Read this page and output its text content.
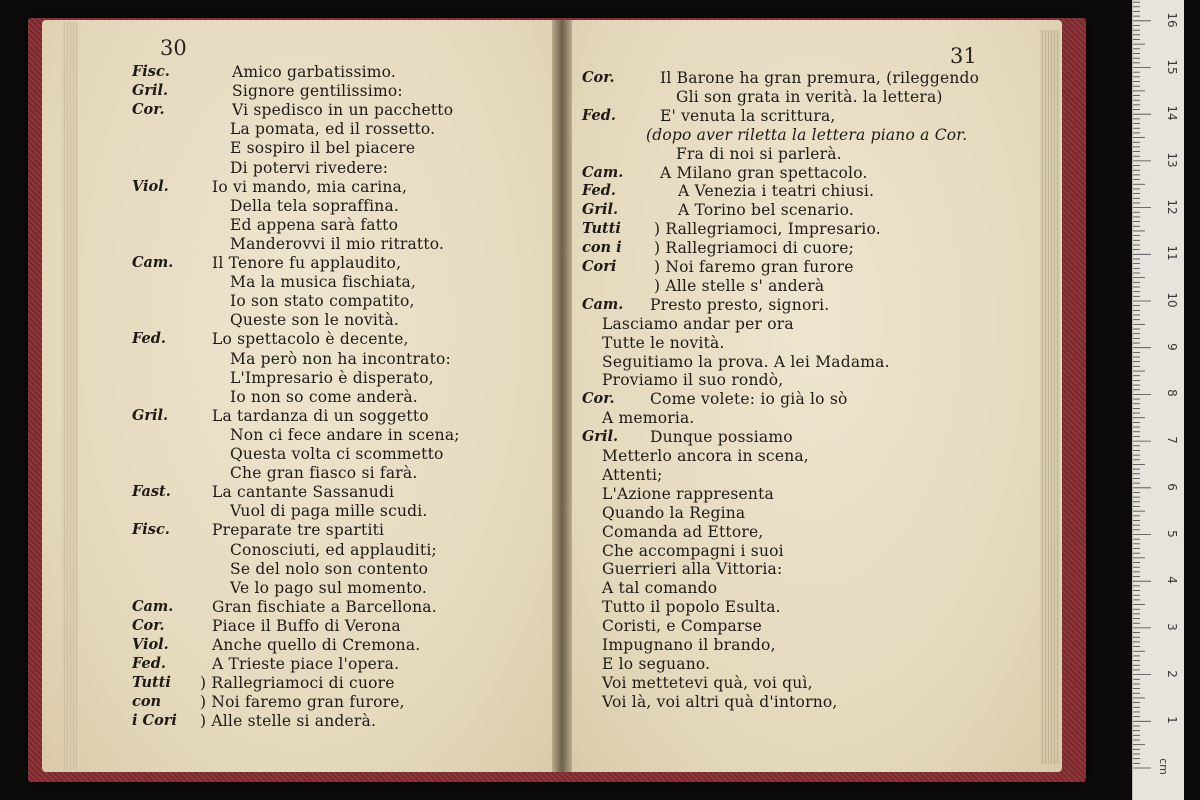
30	31
Fisc.	Amico garbatissimo.
Gril.	Signore gentilissimo:
Cor.	Vi spedisco in un pacchetto
La pomata, ed il rossetto.
E sospiro il bel piacere
Di potervi rivedere:
Viol.	Io vi mando, mia carina,
Della tela sopraffina.
Ed appena sarà fatto
Manderovvi il mio ritratto.
Cam. Il Tenore fu applaudito,
Ma la musica fischiata,
Io son stato compatito,
Queste son le novità.
Fed.	Lo spettacolo è decente,
Ma però non ha incontrato:
L'Impresario è disperato,
Io non so come anderà.
Gril.	La tardanza di un soggetto
Non ci fece andare in scena;
Questa volta ci scommetto
Che gran fiasco si farà.
Fast.	La cantante Sassanudi
Vuol di paga mille scudi.
Fisc.	Preparate tre spartiti
Conosciuti, ed applauditi;
Se del nolo son contento
Ve lo pago sul momento.
Cam. Gran fischiate a Barcellona.
Cor.	Piace il Buffo di Verona
Viol.	Anche quello di Cremona.
Fed.	A Trieste piace l'opera.
Tutti ) Rallegriamoci di cuore
con	) Noi faremo gran furore,
i Cori ) Alle stelle si anderà.
Cor.	Il Barone ha gran premura, (rileggendo
Gli son grata in verità. la lettera)
Fed.	E' venuta la scrittura,
(dopo aver riletta la lettera piano a Cor.
Fra di noi si parlerà.
Cam. A Milano gran spettacolo.
Fed.	A Venezia i teatri chiusi.
Gril.	A Torino bel scenario.
Tutti ) Rallegriamoci, Impresario.
con i ) Rallegriamoci di cuore;
Cori ) Noi faremo gran furore
) Alle stelle s' anderà
Cam. Presto presto, signori.
Lasciamo andar per ora
Tutte le novità.
Seguitiamo la prova. A lei Madama.
Proviamo il suo rondò,
Cor. Come volete: io già lo sò
A memoria.
Gril. Dunque possiamo
Metterlo ancora in scena,
Attenti;
L'Azione rappresenta
Quando la Regina
Comanda ad Ettore,
Che accompagni i suoi
Guerrieri alla Vittoria:
A tal comando
Tutto il popolo Esulta.
Coristi, e Comparse
Impugnano il brando,
E lo seguano.
Voi mettetevi quà, voi quì,
Voi là, voi altri quà d'intorno,
cm
1
2
3
4
5
6
7
8
9
10
11
12
13
14
15
16
